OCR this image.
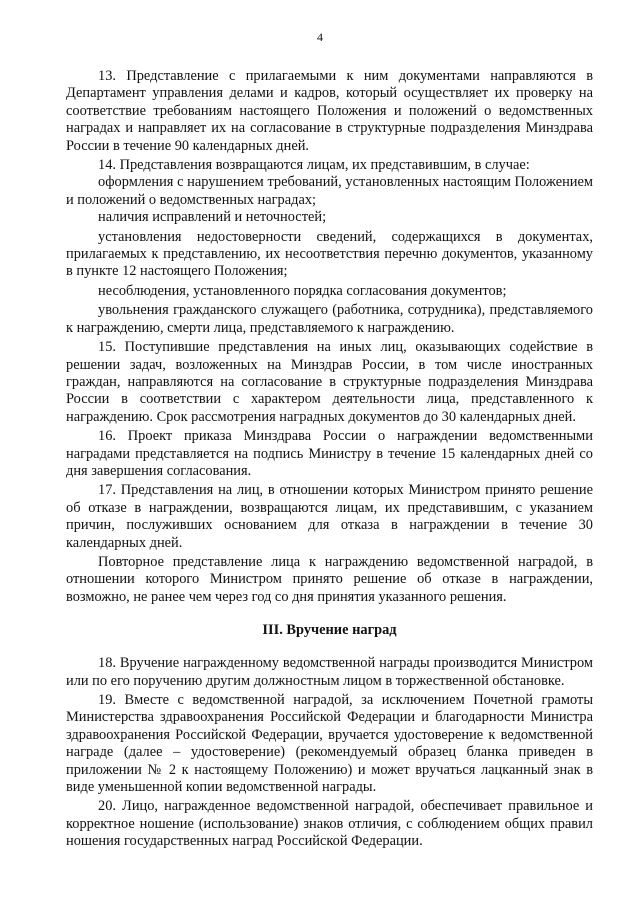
4

13. Представление с прилагаемыми к ним документами направляются в Департамент управления делами и кадров, который осуществляет их проверку на соответствие требованиям настоящего Положения и положений о ведомственных наградах и направляет их на согласование в структурные подразделения Минздрава России в течение 90 календарных дней.

14. Представления возвращаются лицам, их представившим, в случае:

оформления с нарушением требований, установленных настоящим Положением и положений о ведомственных наградах;

наличия исправлений и неточностей;

установления недостоверности сведений, содержащихся в документах, прилагаемых к представлению, их несоответствия перечню документов, указанному в пункте 12 настоящего Положения;

несоблюдения, установленного порядка согласования документов;

увольнения гражданского служащего (работника, сотрудника), представляемого к награждению, смерти лица, представляемого к награждению.

15. Поступившие представления на иных лиц, оказывающих содействие в решении задач, возложенных на Минздрав России, в том числе иностранных граждан, направляются на согласование в структурные подразделения Минздрава России в соответствии с характером деятельности лица, представленного к награждению. Срок рассмотрения наградных документов до 30 календарных дней.

16. Проект приказа Минздрава России о награждении ведомственными наградами представляется на подпись Министру в течение 15 календарных дней со дня завершения согласования.

17. Представления на лиц, в отношении которых Министром принято решение об отказе в награждении, возвращаются лицам, их представившим, с указанием причин, послуживших основанием для отказа в награждении в течение 30 календарных дней.

Повторное представление лица к награждению ведомственной наградой, в отношении которого Министром принято решение об отказе в награждении, возможно, не ранее чем через год со дня принятия указанного решения.

III. Вручение наград

18. Вручение награжденному ведомственной награды производится Министром или по его поручению другим должностным лицом в торжественной обстановке.

19. Вместе с ведомственной наградой, за исключением Почетной грамоты Министерства здравоохранения Российской Федерации и благодарности Министра здравоохранения Российской Федерации, вручается удостоверение к ведомственной награде (далее – удостоверение) (рекомендуемый образец бланка приведен в приложении № 2 к настоящему Положению) и может вручаться лацканный знак в виде уменьшенной копии ведомственной награды.

20. Лицо, награжденное ведомственной наградой, обеспечивает правильное и корректное ношение (использование) знаков отличия, с соблюдением общих правил ношения государственных наград Российской Федерации.
